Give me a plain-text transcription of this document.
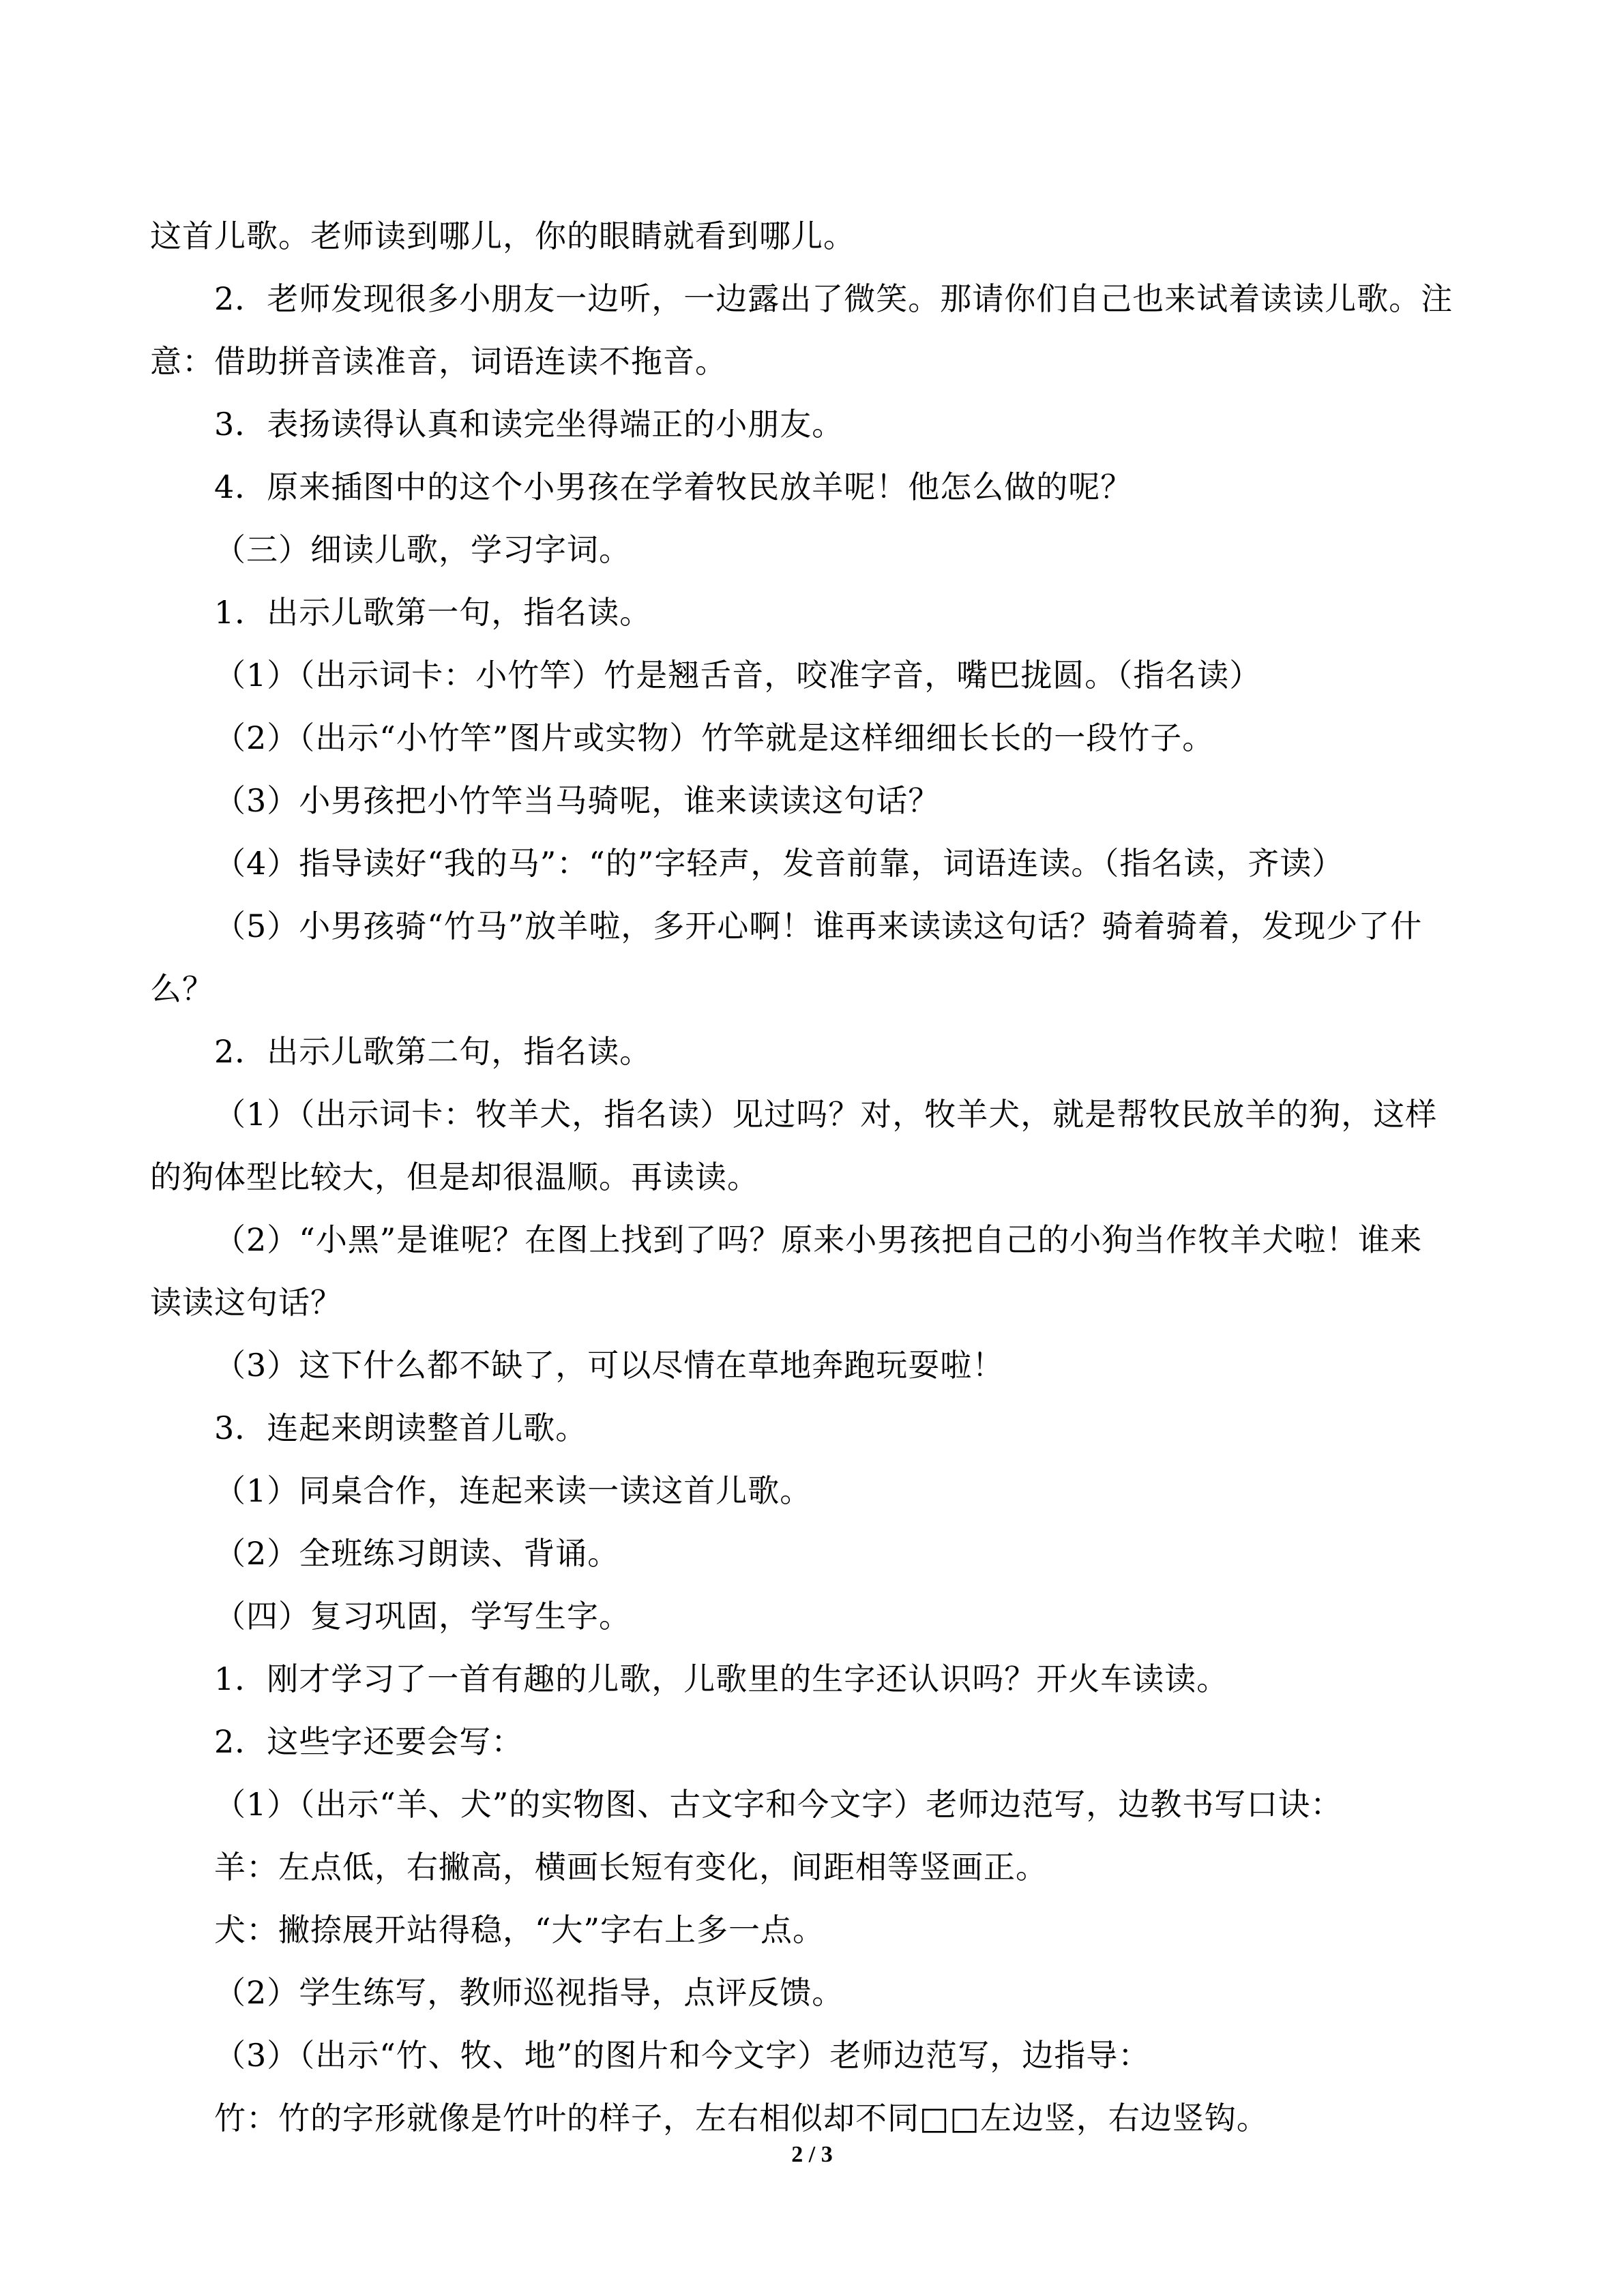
这首儿歌。老师读到哪儿，你的眼睛就看到哪儿。
2．老师发现很多小朋友一边听，一边露出了微笑。那请你们自己也来试着读读儿歌。注
意：借助拼音读准音，词语连读不拖音。
3．表扬读得认真和读完坐得端正的小朋友。
4．原来插图中的这个小男孩在学着牧民放羊呢！他怎么做的呢？
（三）细读儿歌，学习字词。
1．出示儿歌第一句，指名读。
（1）（出示词卡：小竹竿）竹是翘舌音，咬准字音，嘴巴拢圆。（指名读）
（2）（出示“小竹竿”图片或实物）竹竿就是这样细细长长的一段竹子。
（3）小男孩把小竹竿当马骑呢，谁来读读这句话？
（4）指导读好“我的马”：“的”字轻声，发音前靠，词语连读。（指名读，齐读）
（5）小男孩骑“竹马”放羊啦，多开心啊！谁再来读读这句话？骑着骑着，发现少了什
么？
2．出示儿歌第二句，指名读。
（1）（出示词卡：牧羊犬，指名读）见过吗？对，牧羊犬，就是帮牧民放羊的狗，这样
的狗体型比较大，但是却很温顺。再读读。
（2）“小黑”是谁呢？在图上找到了吗？原来小男孩把自己的小狗当作牧羊犬啦！谁来
读读这句话？
（3）这下什么都不缺了，可以尽情在草地奔跑玩耍啦！
3．连起来朗读整首儿歌。
（1）同桌合作，连起来读一读这首儿歌。
（2）全班练习朗读、背诵。
（四）复习巩固，学写生字。
1．刚才学习了一首有趣的儿歌，儿歌里的生字还认识吗？开火车读读。
2．这些字还要会写：
（1）（出示“羊、犬”的实物图、古文字和今文字）老师边范写，边教书写口诀：
羊：左点低，右撇高，横画长短有变化，间距相等竖画正。
犬：撇捺展开站得稳，“大”字右上多一点。
（2）学生练写，教师巡视指导，点评反馈。
（3）（出示“竹、牧、地”的图片和今文字）老师边范写，边指导：
竹：竹的字形就像是竹叶的样子，左右相似却不同□□左边竖，右边竖钩。
2 / 3
